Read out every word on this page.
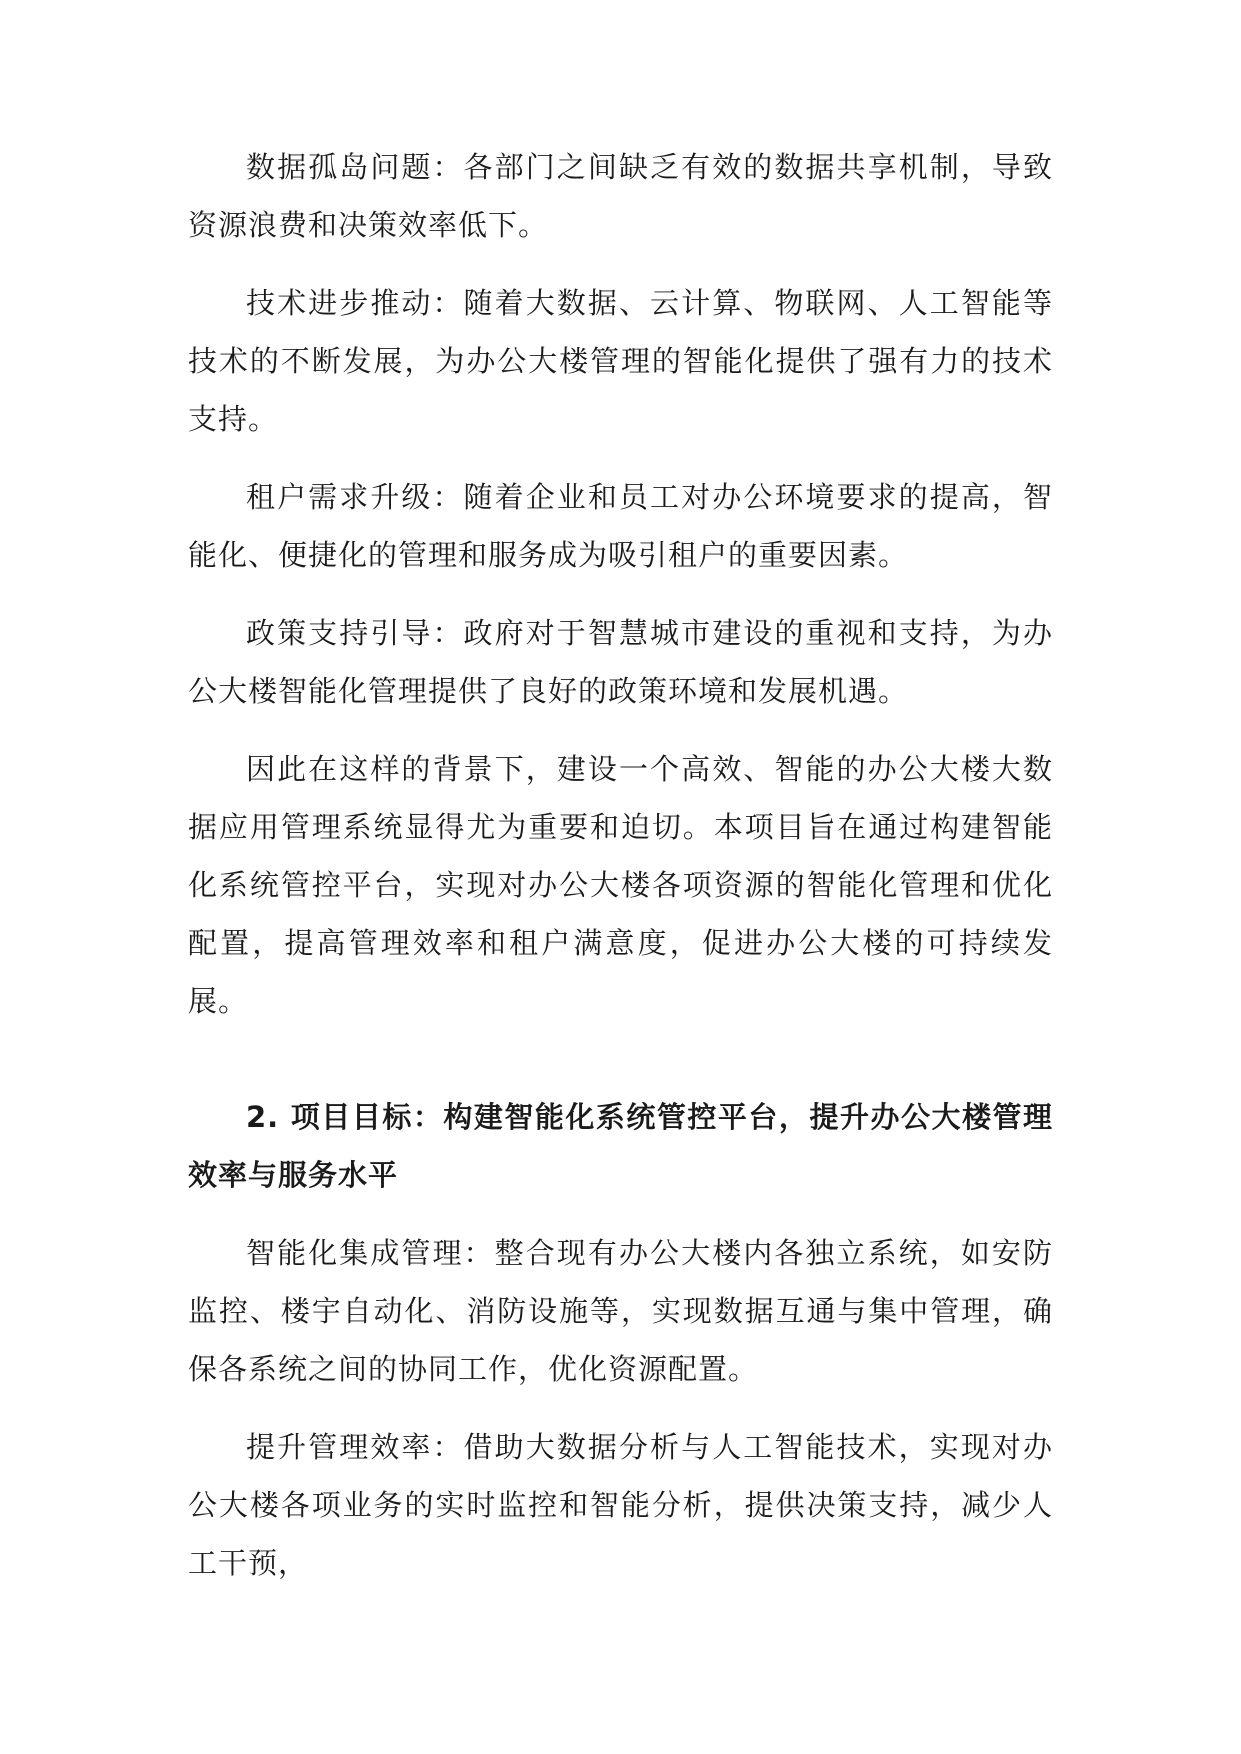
数据孤岛问题：各部门之间缺乏有效的数据共享机制，导致资源浪费和决策效率低下。

技术进步推动：随着大数据、云计算、物联网、人工智能等技术的不断发展，为办公大楼管理的智能化提供了强有力的技术支持。

租户需求升级：随着企业和员工对办公环境要求的提高，智能化、便捷化的管理和服务成为吸引租户的重要因素。

政策支持引导：政府对于智慧城市建设的重视和支持，为办公大楼智能化管理提供了良好的政策环境和发展机遇。

因此在这样的背景下，建设一个高效、智能的办公大楼大数据应用管理系统显得尤为重要和迫切。本项目旨在通过构建智能化系统管控平台，实现对办公大楼各项资源的智能化管理和优化配置，提高管理效率和租户满意度，促进办公大楼的可持续发展。

2. 项目目标：构建智能化系统管控平台，提升办公大楼管理效率与服务水平

智能化集成管理：整合现有办公大楼内各独立系统，如安防监控、楼宇自动化、消防设施等，实现数据互通与集中管理，确保各系统之间的协同工作，优化资源配置。

提升管理效率：借助大数据分析与人工智能技术，实现对办公大楼各项业务的实时监控和智能分析，提供决策支持，减少人工干预，
